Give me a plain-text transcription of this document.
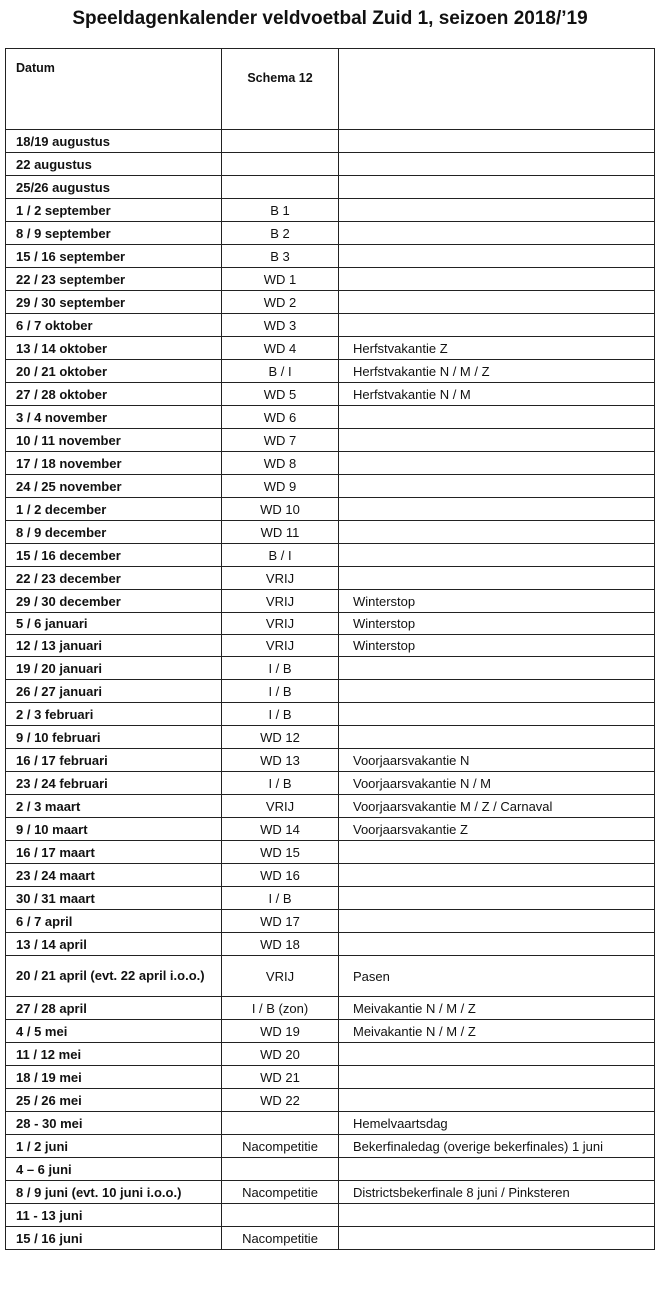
Speeldagenkalender veldvoetbal Zuid 1, seizoen 2018/’19
Datum	Schema 12	
18/19 augustus		
22 augustus		
25/26 augustus		
1 / 2 september	B 1	
8 / 9 september	B 2	
15 / 16 september	B 3	
22 / 23 september	WD 1	
29 / 30 september	WD 2	
6 / 7 oktober	WD 3	
13 / 14 oktober	WD 4	Herfstvakantie Z
20 / 21 oktober	B / I	Herfstvakantie N / M / Z
27 / 28 oktober	WD 5	Herfstvakantie N / M
3 / 4 november	WD 6	
10 / 11 november	WD 7	
17 / 18 november	WD 8	
24 / 25 november	WD 9	
1 / 2 december	WD 10	
8 / 9 december	WD 11	
15 / 16 december	B / I	
22 / 23 december	VRIJ	
29 / 30 december	VRIJ	Winterstop
5 / 6 januari	VRIJ	Winterstop
12 / 13 januari	VRIJ	Winterstop
19 / 20 januari	I / B	
26 / 27 januari	I / B	
2 / 3 februari	I / B	
9 / 10 februari	WD 12	
16 / 17 februari	WD 13	Voorjaarsvakantie N
23 / 24 februari	I / B	Voorjaarsvakantie N / M
2 / 3 maart	VRIJ	Voorjaarsvakantie M / Z / Carnaval
9 / 10 maart	WD 14	Voorjaarsvakantie Z
16 / 17 maart	WD 15	
23 / 24 maart	WD 16	
30 / 31 maart	I / B	
6 / 7 april	WD 17	
13 / 14 april	WD 18	
20 / 21 april (evt. 22 april i.o.o.)	VRIJ	Pasen
27 / 28 april	I / B (zon)	Meivakantie N / M / Z
4 / 5 mei	WD 19	Meivakantie N / M / Z
11 / 12 mei	WD 20	
18 / 19 mei	WD 21	
25 / 26 mei	WD 22	
28 - 30 mei		Hemelvaartsdag
1 / 2 juni	Nacompetitie	Bekerfinaledag (overige bekerfinales) 1 juni
4 – 6 juni		
8 / 9 juni (evt. 10 juni i.o.o.)	Nacompetitie	Districtsbekerfinale 8 juni / Pinksteren
11 - 13 juni		
15 / 16 juni	Nacompetitie	
